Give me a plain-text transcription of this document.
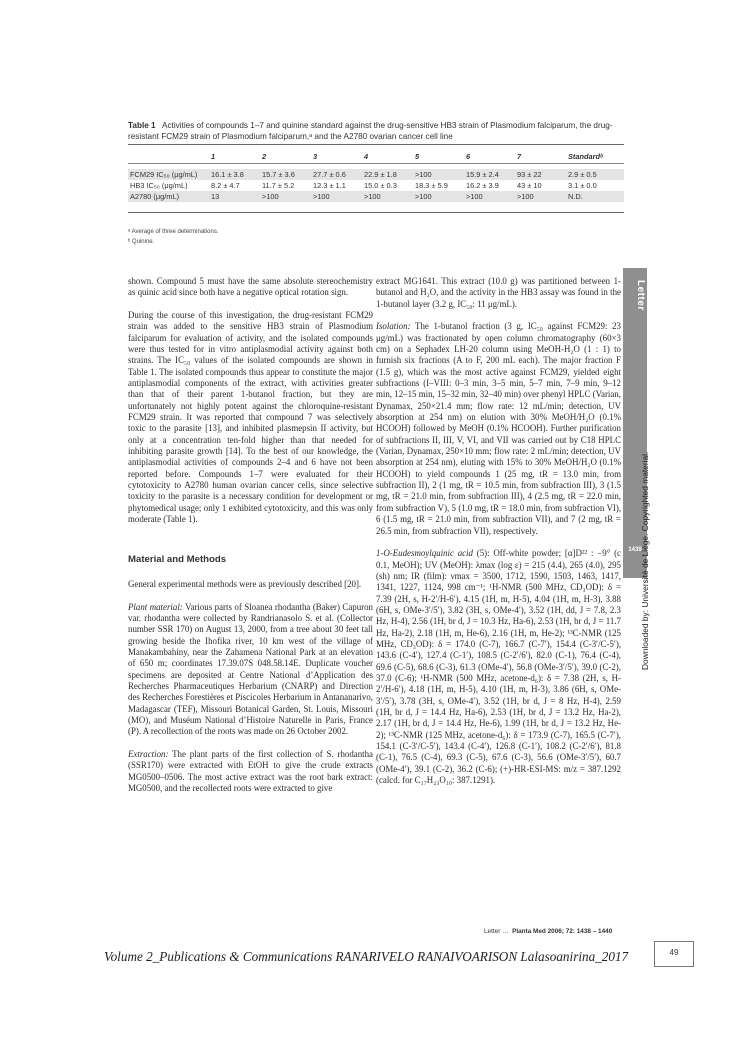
Table 1 Activities of compounds 1–7 and quinine standard against the drug-sensitive HB3 strain of Plasmodium falciparum, the drug-resistant FCM29 strain of Plasmodium falciparum,ᵃ and the A2780 ovarian cancer cell line
	1	2	3	4	5	6	7	Standardᵇ

FCM29 IC₅₀ (μg/mL)	16.1 ± 3.8	15.7 ± 3.6	27.7 ± 0.6	22.9 ± 1.8	>100	15.9 ± 2.4	93 ± 22	2.9 ± 0.5
HB3 IC₅₀ (μg/mL)	8.2 ± 4.7	11.7 ± 5.2	12.3 ± 1.1	15.0 ± 0.3	18.3 ± 5.9	16.2 ± 3.9	43 ± 10	3.1 ± 0.0
A2780 (μg/mL)	13	>100	>100	>100	>100	>100	>100	N.D.
ᵃ Average of three determinations.
ᵇ Quinine.

shown. Compound 5 must have the same absolute stereochemistry as quinic acid since both have a negative optical rotation sign.

During the course of this investigation, the drug-resistant FCM29 strain was added to the sensitive HB3 strain of Plasmodium falciparum for evaluation of activity, and the isolated compounds were thus tested for in vitro antiplasmodial activity against both strains. The IC₅₀ values of the isolated compounds are shown in Table 1. The isolated compounds thus appear to constitute the major antiplasmodial components of the extract, with activities greater than that of their parent 1-butanol fraction, but they are unfortunately not highly potent against the chloroquine-resistant FCM29 strain. It was reported that compound 7 was selectively toxic to the parasite [13], and inhibited plasmepsin II activity, but only at a concentration ten-fold higher than that needed for inhibiting parasite growth [14]. To the best of our knowledge, the antiplasmodial activities of compounds 2–4 and 6 have not been reported before. Compounds 1–7 were evaluated for their cytotoxicity to A2780 human ovarian cancer cells, since selective toxicity to the parasite is a necessary condition for development or phytomedical usage; only 1 exhibited cytotoxicity, and this was only moderate (Table 1).

Material and Methods

General experimental methods were as previously described [20].

Plant material: Various parts of Sloanea rhodantha (Baker) Capuron var. rhodantha were collected by Randrianasolo S. et al. (Collector number SSR 170) on August 13, 2000, from a tree about 30 feet tall growing beside the Ihofika river, 10 km west of the village of Manakambahiny, near the Zahamena National Park at an elevation of 650 m; coordinates 17.39.07S 048.58.14E. Duplicate voucher specimens are deposited at Centre National d’Application des Recherches Pharmaceutiques Herbarium (CNARP) and Direction des Recherches Forestières et Piscicoles Herbarium in Antananarivo, Madagascar (TEF), Missouri Botanical Garden, St. Louis, Missouri (MO), and Muséum National d’Histoire Naturelle in Paris, France (P). A recollection of the roots was made on 26 October 2002.

Extraction: The plant parts of the first collection of S. rhodantha (SSR170) were extracted with EtOH to give the crude extracts MG0500–0506. The most active extract was the root bark extract: MG0500, and the recollected roots were extracted to give

extract MG1641. This extract (10.0 g) was partitioned between 1-butanol and H₂O, and the activity in the HB3 assay was found in the 1-butanol layer (3.2 g, IC₅₀: 11 μg/mL).

Isolation: The 1-butanol fraction (3 g, IC₅₀ against FCM29: 23 μg/mL) was fractionated by open column chromatography (60×3 cm) on a Sephadex LH-20 column using MeOH-H₂O (1 : 1) to furnish six fractions (A to F, 200 mL each). The major fraction F (1.5 g), which was the most active against FCM29, yielded eight subfractions (I–VIII: 0–3 min, 3–5 min, 5–7 min, 7–9 min, 9–12 min, 12–15 min, 15–32 min, 32–40 min) over phenyl HPLC (Varian, Dynamax, 250×21.4 mm; flow rate: 12 mL/min; detection, UV absorption at 254 nm) on elution with 30% MeOH/H₂O (0.1% HCOOH) followed by MeOH (0.1% HCOOH). Further purification of subfractions II, III, V, VI, and VII was carried out by C18 HPLC (Varian, Dynamax, 250×10 mm; flow rate: 2 mL/min; detection, UV absorption at 254 nm), eluting with 15% to 30% MeOH/H₂O (0.1% HCOOH) to yield compounds 1 (25 mg, tR = 13.0 min, from subfraction II), 2 (1 mg, tR = 10.5 min, from subfraction III), 3 (1.5 mg, tR = 21.0 min, from subfraction III), 4 (2.5 mg, tR = 22.0 min, from subfraction V), 5 (1.0 mg, tR = 18.0 min, from subfraction VI), 6 (1.5 mg, tR = 21.0 min, from subfraction VII), and 7 (2 mg, tR = 26.5 min, from subfraction VII), respectively.

1-O-Eudesmoylquinic acid (5): Off-white powder; [α]D²² : −9° (c 0.1, MeOH); UV (MeOH): λmax (log ε) = 215 (4.4), 265 (4.0), 295 (sh) nm; IR (film): νmax = 3500, 1712, 1590, 1503, 1463, 1417, 1341, 1227, 1124, 998 cm⁻¹; ¹H-NMR (500 MHz, CD₃OD): δ = 7.39 (2H, s, H-2′/H-6′), 4.15 (1H, m, H-5), 4.04 (1H, m, H-3), 3.88 (6H, s, OMe-3′/5′), 3.82 (3H, s, OMe-4′), 3.52 (1H, dd, J = 7.8, 2.3 Hz, H-4), 2.56 (1H, br d, J = 10.3 Hz, Ha-6), 2.53 (1H, br d, J = 11.7 Hz, Ha-2), 2.18 (1H, m, He-6), 2.16 (1H, m, He-2); ¹³C-NMR (125 MHz, CD₃OD): δ = 174.0 (C-7), 166.7 (C-7′), 154.4 (C-3′/C-5′), 143.6 (C-4′), 127.4 (C-1′), 108.5 (C-2′/6′), 82.0 (C-1), 76.4 (C-4), 69.6 (C-5), 68.6 (C-3), 61.3 (OMe-4′), 56.8 (OMe-3′/5′), 39.0 (C-2), 37.0 (C-6); ¹H-NMR (500 MHz, acetone-d₆): δ = 7.38 (2H, s, H-2′/H-6′), 4.18 (1H, m, H-5), 4.10 (1H, m, H-3), 3.86 (6H, s, OMe-3′/5′), 3.78 (3H, s, OMe-4′), 3.52 (1H, br d, J = 8 Hz, H-4), 2.59 (1H, br d, J = 14.4 Hz, Ha-6), 2.53 (1H, br d, J = 13.2 Hz, Ha-2), 2.17 (1H, br d, J = 14.4 Hz, He-6), 1.99 (1H, br d, J = 13.2 Hz, He-2); ¹³C-NMR (125 MHz, acetone-d₆): δ = 173.9 (C-7), 165.5 (C-7′), 154.1 (C-3′/C-5′), 143.4 (C-4′), 126.8 (C-1′), 108.2 (C-2′/6′), 81.8 (C-1), 76.5 (C-4), 69.3 (C-5), 67.6 (C-3), 56.6 (OMe-3′/5′), 60.7 (OMe-4′), 39.1 (C-2), 36.2 (C-6); (+)-HR-ESI-MS: m/z = 387.1292 (calcd. for C₁₇H₂₃O₁₀: 387.1291).

Letter
1439
Downloaded by: Université de Liège. Copyrighted material.
Letter … Planta Med 2006; 72: 1438 – 1440
Volume 2_Publications & Communications RANARIVELO RANAIVOARISON Lalasoanirina_2017	49
